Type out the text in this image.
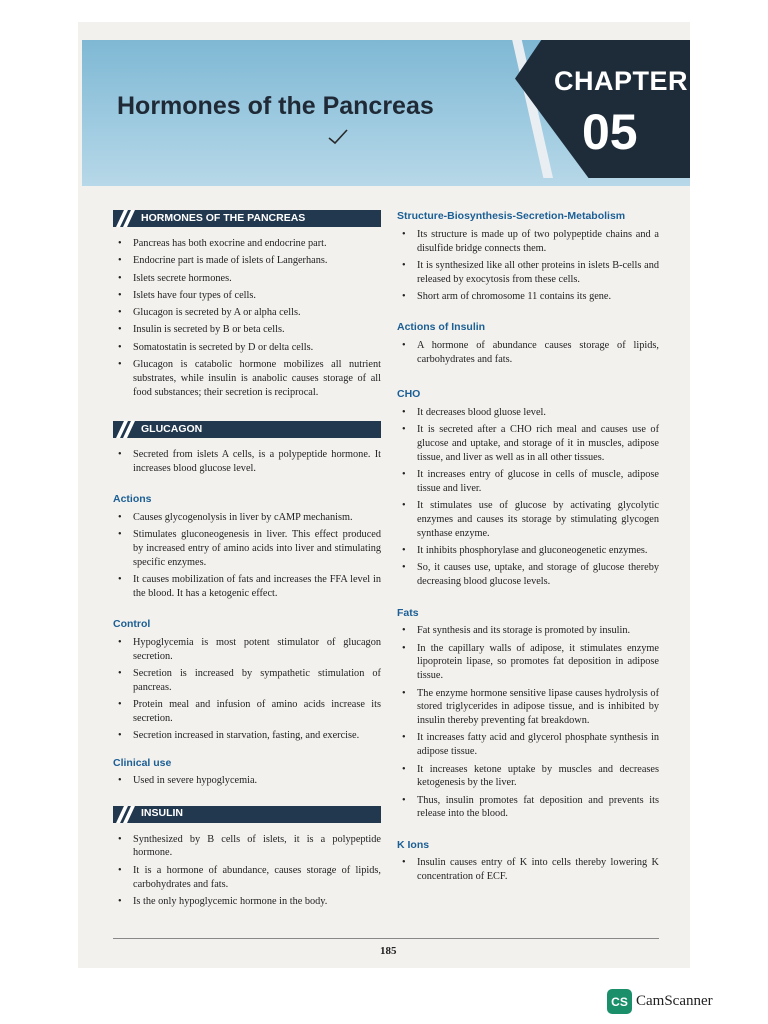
CHAPTER
05
Hormones of the Pancreas
HORMONES OF THE PANCREAS
• Pancreas has both exocrine and endocrine part.
• Endocrine part is made of islets of Langerhans.
• Islets secrete hormones.
• Islets have four types of cells.
• Glucagon is secreted by A or alpha cells.
• Insulin is secreted by B or beta cells.
• Somatostatin is secreted by D or delta cells.
• Glucagon is catabolic hormone mobilizes all nutrient substrates, while insulin is anabolic causes storage of all food substances; their secretion is reciprocal.
GLUCAGON
• Secreted from islets A cells, is a polypeptide hormone. It increases blood glucose level.
Actions
• Causes glycogenolysis in liver by cAMP mechanism.
• Stimulates gluconeogenesis in liver. This effect produced by increased entry of amino acids into liver and stimulating specific enzymes.
• It causes mobilization of fats and increases the FFA level in the blood. It has a ketogenic effect.
Control
• Hypoglycemia is most potent stimulator of glucagon secretion.
• Secretion is increased by sympathetic stimulation of pancreas.
• Protein meal and infusion of amino acids increase its secretion.
• Secretion increased in starvation, fasting, and exercise.
Clinical use
• Used in severe hypoglycemia.
INSULIN
• Synthesized by B cells of islets, it is a polypeptide hormone.
• It is a hormone of abundance, causes storage of lipids, carbohydrates and fats.
• Is the only hypoglycemic hormone in the body.
Structure-Biosynthesis-Secretion-Metabolism
• Its structure is made up of two polypeptide chains and a disulfide bridge connects them.
• It is synthesized like all other proteins in islets B-cells and released by exocytosis from these cells.
• Short arm of chromosome 11 contains its gene.
Actions of Insulin
• A hormone of abundance causes storage of lipids, carbohydrates and fats.
CHO
• It decreases blood gluose level.
• It is secreted after a CHO rich meal and causes use of glucose and uptake, and storage of it in muscles, adipose tissue, and liver as well as in all other tissues.
• It increases entry of glucose in cells of muscle, adipose tissue and liver.
• It stimulates use of glucose by activating glycolytic enzymes and causes its storage by stimulating glycogen synthase enzyme.
• It inhibits phosphorylase and gluconeogenetic enzymes.
• So, it causes use, uptake, and storage of glucose thereby decreasing blood glucose levels.
Fats
• Fat synthesis and its storage is promoted by insulin.
• In the capillary walls of adipose, it stimulates enzyme lipoprotein lipase, so promotes fat deposition in adipose tissue.
• The enzyme hormone sensitive lipase causes hydrolysis of stored triglycerides in adipose tissue, and is inhibited by insulin thereby preventing fat breakdown.
• It increases fatty acid and glycerol phosphate synthesis in adipose tissue.
• It increases ketone uptake by muscles and decreases ketogenesis by the liver.
• Thus, insulin promotes fat deposition and prevents its release into the blood.
K Ions
• Insulin causes entry of K into cells thereby lowering K concentration of ECF.
185
CS CamScanner
